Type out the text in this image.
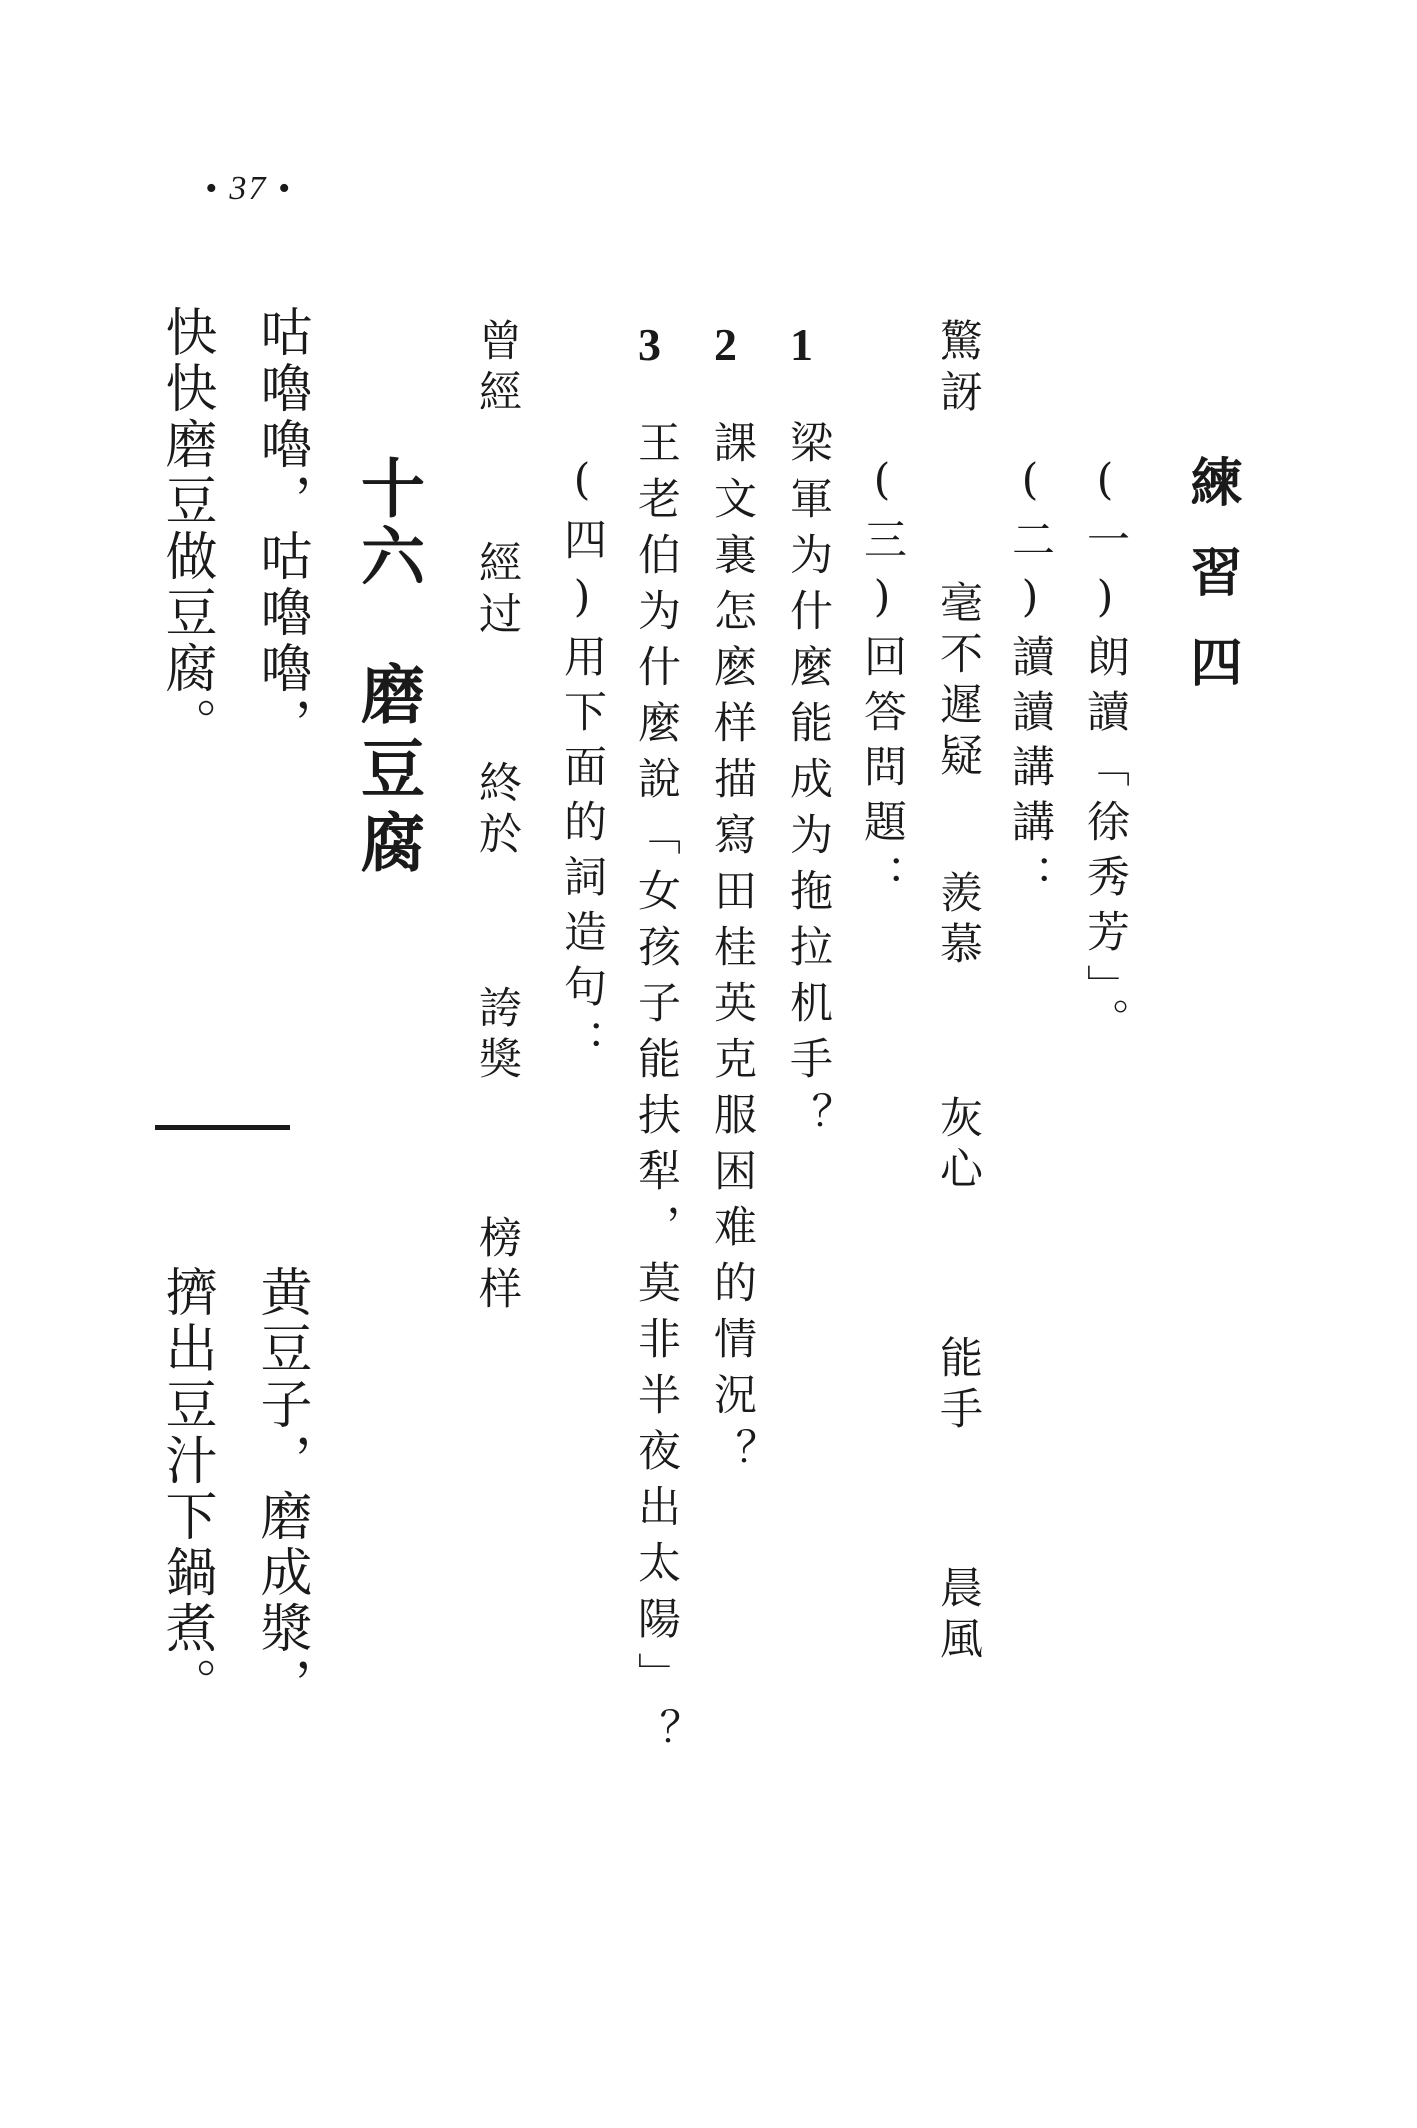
• 37 •
練習四
(一)朗讀「徐秀芳」。
(二)讀讀講講：
驚訝
毫不遲疑
羨慕
灰心
能手
晨風
(三)回答問題：
1
梁軍为什麼能成为拖拉机手？
2
課文裏怎麽样描寫田桂英克服困难的情況？
3
王老伯为什麼說「女孩子能扶犁，莫非半夜出太陽」？
(四)用下面的詞造句：
曾經
經过
終於
誇獎
榜样
十六磨豆腐
咕嚕嚕，咕嚕嚕，
快快磨豆做豆腐。
黄豆子，磨成漿，
擠出豆汁下鍋煮。
